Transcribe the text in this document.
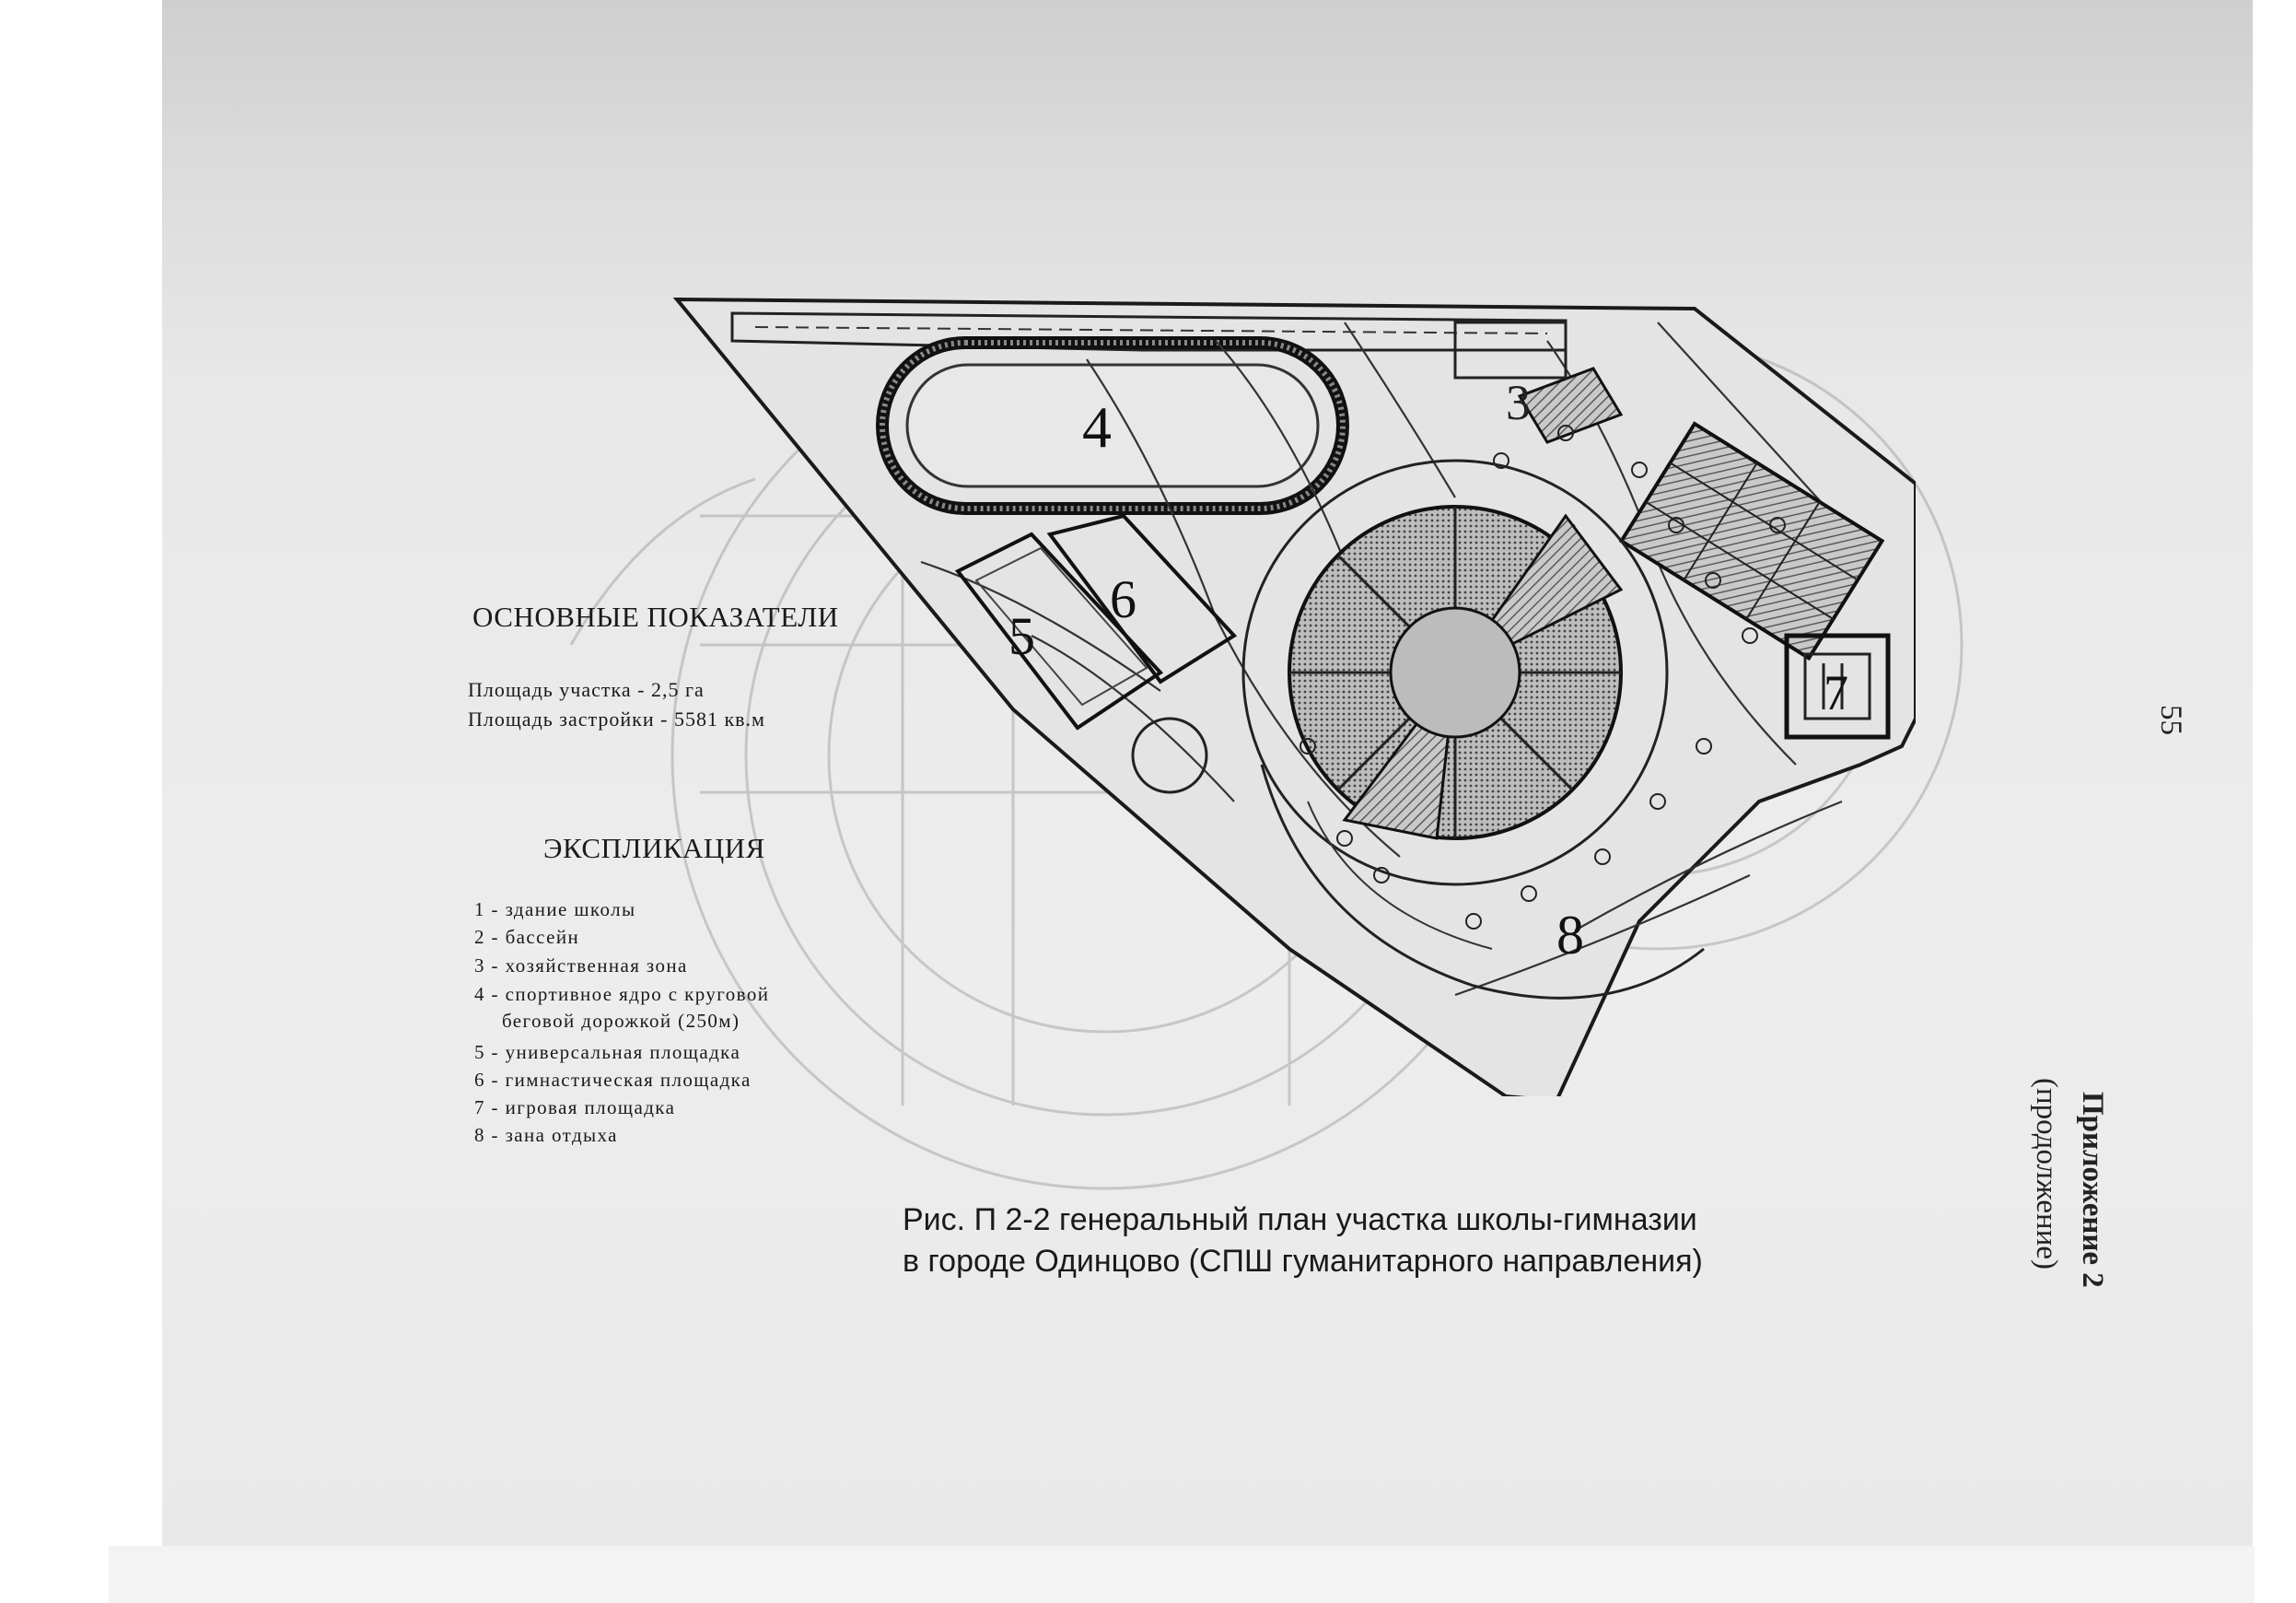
4	3
5
6
7
8
ОСНОВНЫЕ ПОКАЗАТЕЛИ
Площадь участка - 2,5 га
Площадь застройки - 5581 кв.м
ЭКСПЛИКАЦИЯ
1 - здание школы
2 - бассейн
3 - хозяйственная зона
4 - спортивное ядро с круговой
беговой дорожкой (250м)
5 - универсальная площадка
6 - гимнастическая площадка
7 - игровая площадка
8 - зана отдыха
Рис. П 2-2 генеральный план участка школы-гимназии
в городе Одинцово (СПШ гуманитарного направления)
55
Приложение 2
(продолжение)
